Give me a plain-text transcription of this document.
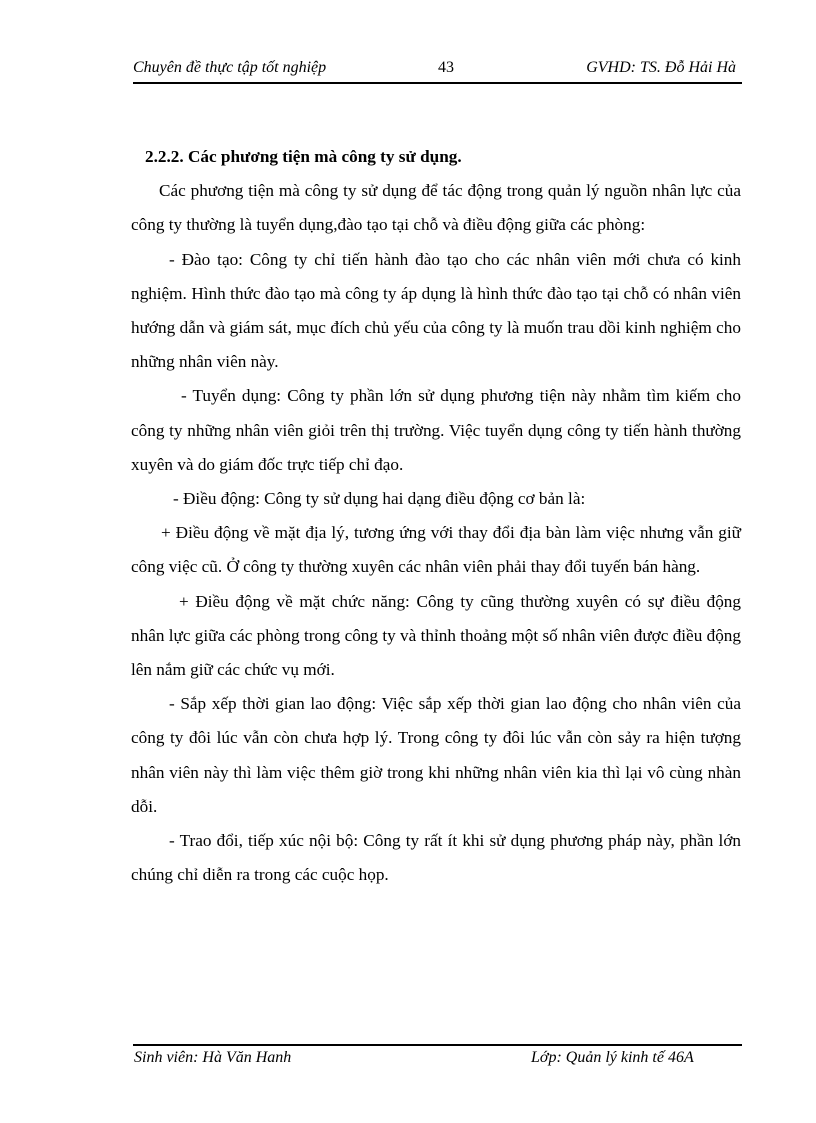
Chuyên đề thực tập tốt nghiệp	43	GVHD: TS. Đỗ Hải Hà

2.2.2. Các phương tiện mà công ty sử dụng.

Các phương tiện mà công ty sử dụng để tác động trong quản lý nguồn nhân lực của công ty thường là tuyển dụng,đào tạo tại chỗ và điều động giữa các phòng:

- Đào tạo: Công ty chỉ tiến hành đào tạo cho các nhân viên mới chưa có kinh nghiệm. Hình thức đào tạo mà công ty áp dụng là hình thức đào tạo tại chỗ có nhân viên hướng dẫn và giám sát, mục đích chủ yếu của công ty là muốn trau dồi kinh nghiệm cho những nhân viên này.

- Tuyển dụng: Công ty phần lớn sử dụng phương tiện này nhằm tìm kiếm cho công ty những nhân viên giỏi trên thị trường. Việc tuyển dụng công ty tiến hành thường xuyên và do giám đốc trực tiếp chỉ đạo.

- Điều động: Công ty sử dụng hai dạng điều động cơ bản là:

+ Điều động về mặt địa lý, tương ứng với thay đổi địa bàn làm việc nhưng vẫn giữ công việc cũ. Ở công ty thường xuyên các nhân viên phải thay đổi tuyến bán hàng.

+ Điều động về mặt chức năng: Công ty cũng thường xuyên có sự điều động nhân lực giữa các phòng trong công ty và thỉnh thoảng một số nhân viên được điều động lên nắm giữ các chức vụ mới.

- Sắp xếp thời gian lao động: Việc sắp xếp thời gian lao động cho nhân viên của công ty đôi lúc vẫn còn chưa hợp lý. Trong công ty đôi lúc vẫn còn sảy ra hiện tượng nhân viên này thì làm việc thêm giờ trong khi những nhân viên kia thì lại vô cùng nhàn dỗi.

- Trao đổi, tiếp xúc nội bộ: Công ty rất ít khi sử dụng phương pháp này, phần lớn chúng chỉ diễn ra trong các cuộc họp.

Sinh viên: Hà Văn Hanh	Lớp: Quản lý kinh tế 46A
